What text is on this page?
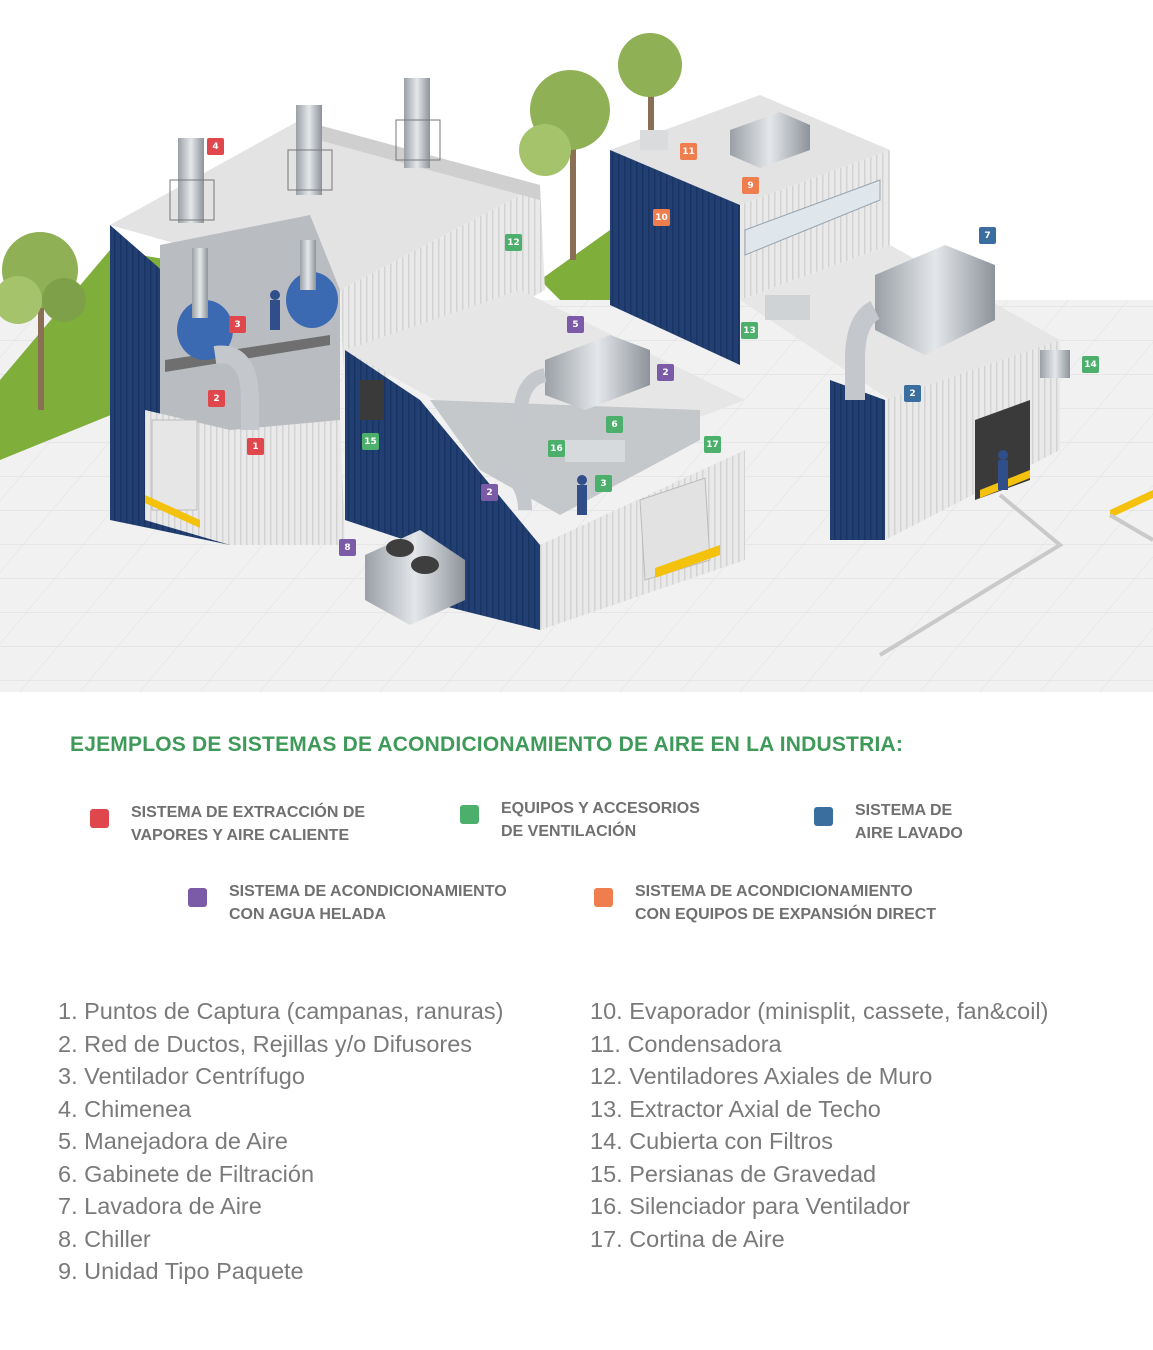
4
3
2
1
12
15
5
2
2
8
6
16
3
17
11
9
10
7
13
2
14
EJEMPLOS DE SISTEMAS DE ACONDICIONAMIENTO DE AIRE EN LA INDUSTRIA:
SISTEMA DE EXTRACCIÓN DE
VAPORES Y AIRE CALIENTE
EQUIPOS Y ACCESORIOS
DE VENTILACIÓN
SISTEMA DE
AIRE LAVADO
SISTEMA DE ACONDICIONAMIENTO
CON AGUA HELADA
SISTEMA DE ACONDICIONAMIENTO
CON EQUIPOS DE EXPANSIÓN DIRECT
1. Puntos de Captura (campanas, ranuras)
2. Red de Ductos, Rejillas y/o Difusores
3. Ventilador Centrífugo
4. Chimenea
5. Manejadora de Aire
6. Gabinete de Filtración
7. Lavadora de Aire
8. Chiller
9. Unidad Tipo Paquete
10. Evaporador (minisplit, cassete, fan&coil)
11. Condensadora
12. Ventiladores Axiales de Muro
13. Extractor Axial de Techo
14. Cubierta con Filtros
15. Persianas de Gravedad
16. Silenciador para Ventilador
17. Cortina de Aire
